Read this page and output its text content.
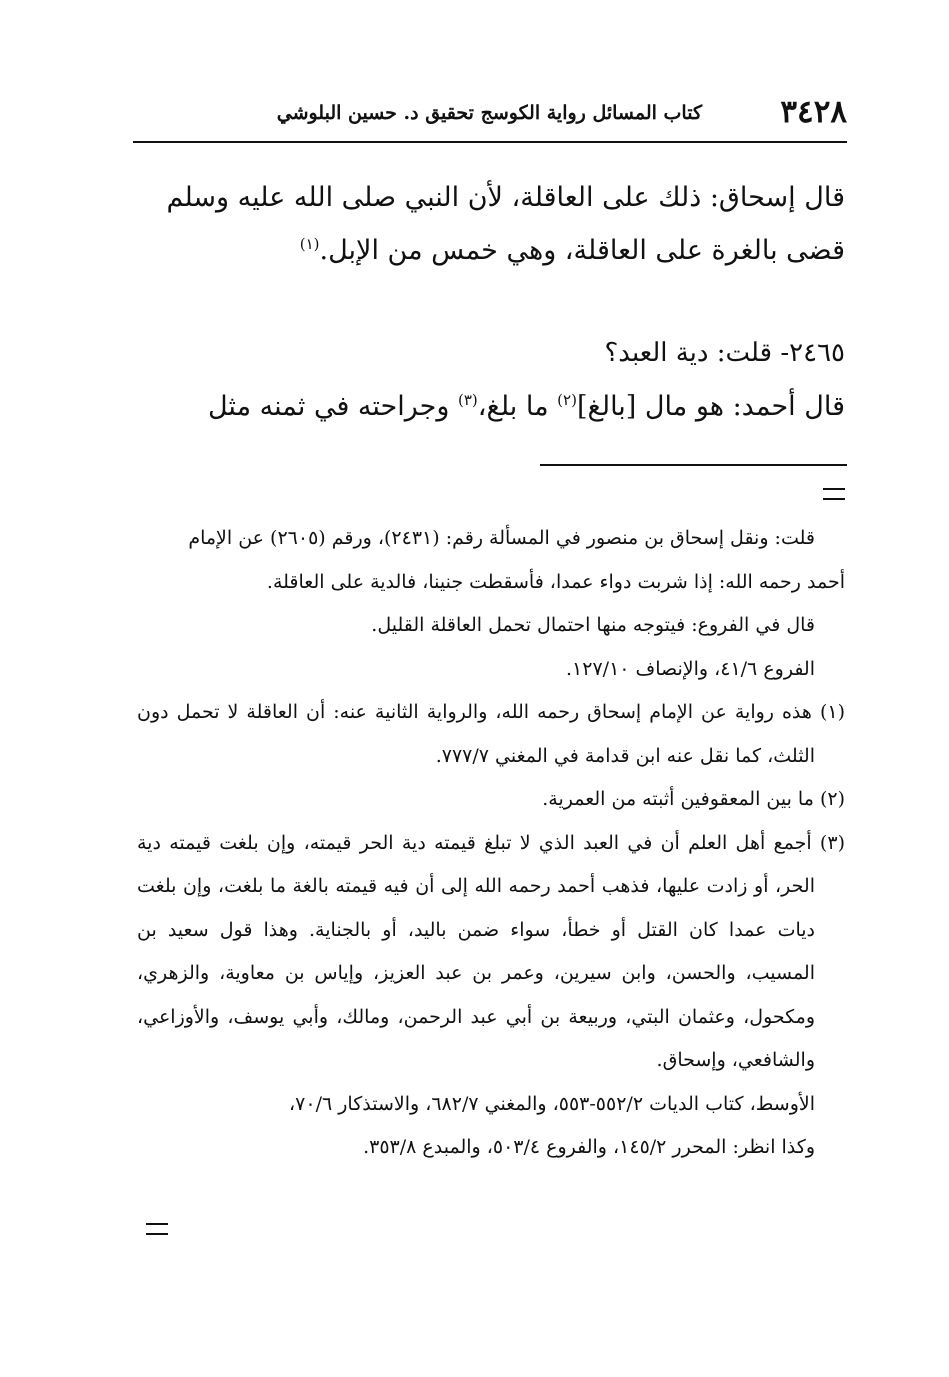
٣٤٢٨
كتاب المسائل رواية الكوسج تحقيق د. حسين البلوشي

قال إسحاق: ذلك على العاقلة، لأن النبي صلى الله عليه وسلم

قضى بالغرة على العاقلة، وهي خمس من الإبل.$^{(١)}$

٢٤٦٥- قلت: دية العبد؟

قال أحمد: هو مال [بالغ]$^{(٢)}$ ما بلغ،$^{(٣)}$ وجراحته في ثمنه مثل

قلت: ونقل إسحاق بن منصور في المسألة رقم: (٢٤٣١)، ورقم (٢٦٠٥) عن الإمام

أحمد رحمه الله: إذا شربت دواء عمدا، فأسقطت جنينا، فالدية على العاقلة.

قال في الفروع: فيتوجه منها احتمال تحمل العاقلة القليل.

الفروع ٤١/٦، والإنصاف ١٢٧/١٠.

(١) هذه رواية عن الإمام إسحاق رحمه الله، والرواية الثانية عنه: أن العاقلة لا تحمل دون الثلث، كما نقل عنه ابن قدامة في المغني ٧٧٧/٧.

(٢) ما بين المعقوفين أثبته من العمرية.

(٣) أجمع أهل العلم أن في العبد الذي لا تبلغ قيمته دية الحر قيمته، وإن بلغت قيمته دية الحر، أو زادت عليها، فذهب أحمد رحمه الله إلى أن فيه قيمته بالغة ما بلغت، وإن بلغت ديات عمدا كان القتل أو خطأ، سواء ضمن باليد، أو بالجناية. وهذا قول سعيد بن المسيب، والحسن، وابن سيرين، وعمر بن عبد العزيز، وإياس بن معاوية، والزهري، ومكحول، وعثمان البتي، وربيعة بن أبي عبد الرحمن، ومالك، وأبي يوسف، والأوزاعي، والشافعي، وإسحاق.

الأوسط، كتاب الديات ٥٥٢/٢-٥٥٣، والمغني ٦٨٢/٧، والاستذكار ٧٠/٦،

وكذا انظر: المحرر ١٤٥/٢، والفروع ٥٠٣/٤، والمبدع ٣٥٣/٨.
